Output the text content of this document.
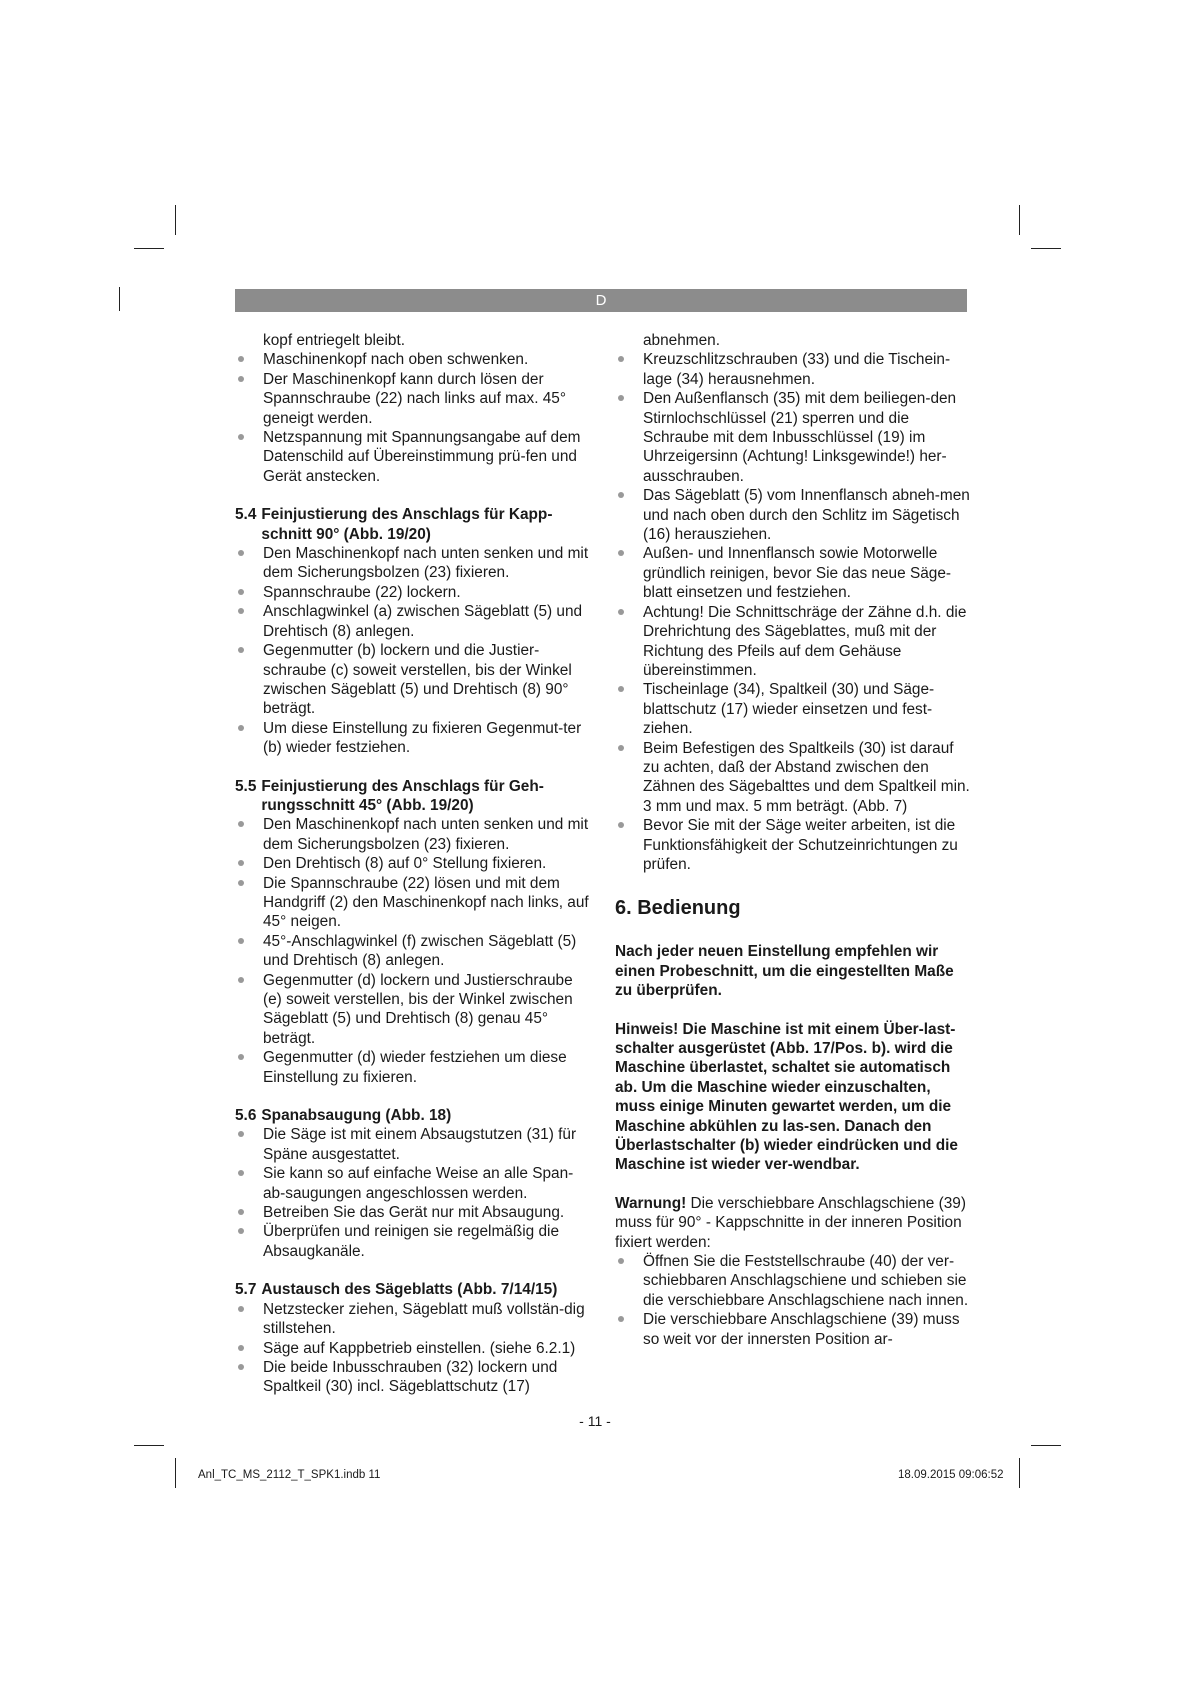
D

kopf entriegelt bleibt.

Maschinenkopf nach oben schwenken.
Der Maschinenkopf kann durch lösen der Spannschraube (22) nach links auf max. 45° geneigt werden.
Netzspannung mit Spannungsangabe auf dem Datenschild auf Übereinstimmung prü-fen und Gerät anstecken.
5.4 Feinjustierung des Anschlags für Kapp-schnitt 90° (Abb. 19/20)
Den Maschinenkopf nach unten senken und mit dem Sicherungsbolzen (23) fixieren.
Spannschraube (22) lockern.
Anschlagwinkel (a) zwischen Sägeblatt (5) und Drehtisch (8) anlegen.
Gegenmutter (b) lockern und die Justier-schraube (c) soweit verstellen, bis der Winkel zwischen Sägeblatt (5) und Drehtisch (8) 90° beträgt.
Um diese Einstellung zu fixieren Gegenmut-ter (b) wieder festziehen.
5.5 Feinjustierung des Anschlags für Geh-rungsschnitt 45° (Abb. 19/20)
Den Maschinenkopf nach unten senken und mit dem Sicherungsbolzen (23) fixieren.
Den Drehtisch (8) auf 0° Stellung fixieren.
Die Spannschraube (22) lösen und mit dem Handgriff (2) den Maschinenkopf nach links, auf 45° neigen.
45°-Anschlagwinkel (f) zwischen Sägeblatt (5) und Drehtisch (8) anlegen.
Gegenmutter (d) lockern und Justierschraube (e) soweit verstellen, bis der Winkel zwischen Sägeblatt (5) und Drehtisch (8) genau 45° beträgt.
Gegenmutter (d) wieder festziehen um diese Einstellung zu fixieren.
5.6 Spanabsaugung (Abb. 18)
Die Säge ist mit einem Absaugstutzen (31) für Späne ausgestattet.
Sie kann so auf einfache Weise an alle Span-ab-saugungen angeschlossen werden.
Betreiben Sie das Gerät nur mit Absaugung.
Überprüfen und reinigen sie regelmäßig die Absaugkanäle.
5.7 Austausch des Sägeblatts (Abb. 7/14/15)
Netzstecker ziehen, Sägeblatt muß vollstän-dig stillstehen.
Säge auf Kappbetrieb einstellen. (siehe 6.2.1)
Die beide Inbusschrauben (32) lockern und Spaltkeil (30) incl. Sägeblattschutz (17)

abnehmen.

Kreuzschlitzschrauben (33) und die Tischein-lage (34) herausnehmen.
Den Außenflansch (35) mit dem beiliegen-den Stirnlochschlüssel (21) sperren und die Schraube mit dem Inbusschlüssel (19) im Uhrzeigersinn (Achtung! Linksgewinde!) her-ausschrauben.
Das Sägeblatt (5) vom Innenflansch abneh-men und nach oben durch den Schlitz im Sägetisch (16) herausziehen.
Außen- und Innenflansch sowie Motorwelle gründlich reinigen, bevor Sie das neue Säge-blatt einsetzen und festziehen.
Achtung! Die Schnittschräge der Zähne d.h. die Drehrichtung des Sägeblattes, muß mit der Richtung des Pfeils auf dem Gehäuse übereinstimmen.
Tischeinlage (34), Spaltkeil (30) und Säge-blattschutz (17) wieder einsetzen und fest-ziehen.
Beim Befestigen des Spaltkeils (30) ist darauf zu achten, daß der Abstand zwischen den Zähnen des Sägebalttes und dem Spaltkeil min. 3 mm und max. 5 mm beträgt. (Abb. 7)
Bevor Sie mit der Säge weiter arbeiten, ist die Funktionsfähigkeit der Schutzeinrichtungen zu prüfen.
6. Bedienung

Nach jeder neuen Einstellung empfehlen wir einen Probeschnitt, um die eingestellten Maße zu überprüfen.

Hinweis! Die Maschine ist mit einem Über-last-schalter ausgerüstet (Abb. 17/Pos. b). wird die Maschine überlastet, schaltet sie automatisch ab. Um die Maschine wieder einzuschalten, muss einige Minuten gewartet werden, um die Maschine abkühlen zu las-sen. Danach den Überlastschalter (b) wieder eindrücken und die Maschine ist wieder ver-wendbar.

Warnung! Die verschiebbare Anschlagschiene (39) muss für 90° - Kappschnitte in der inneren Position fixiert werden:

Öffnen Sie die Feststellschraube (40) der ver-schiebbaren Anschlagschiene und schieben sie die verschiebbare Anschlagschiene nach innen.
Die verschiebbare Anschlagschiene (39) muss so weit vor der innersten Position ar-
- 11 -
Anl_TC_MS_2112_T_SPK1.indb 11	18.09.2015 09:06:52
